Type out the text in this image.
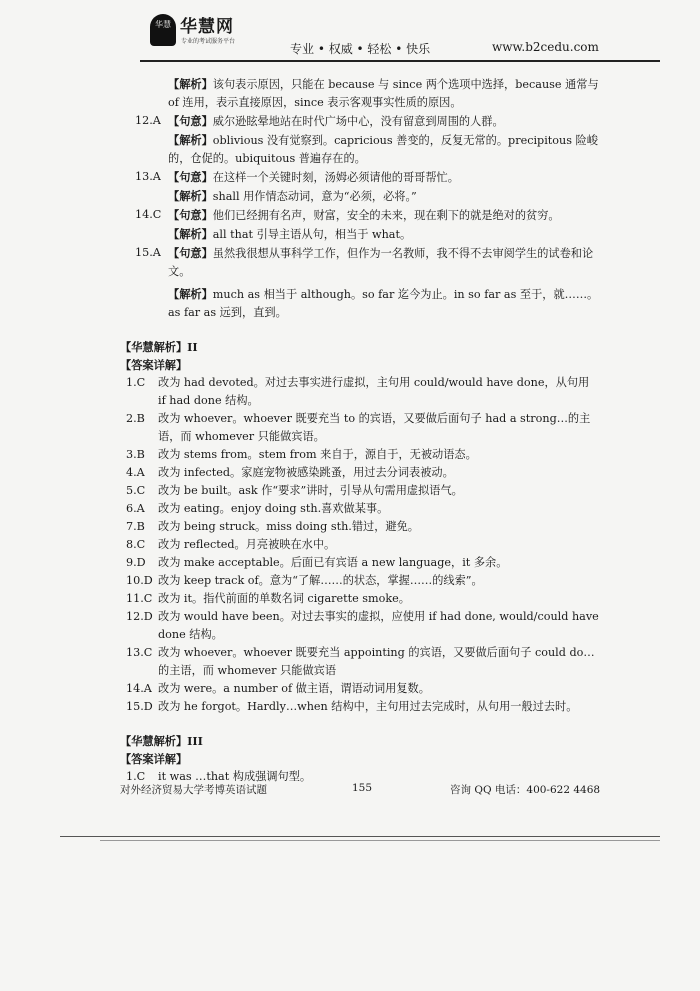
华慧 华慧网
专业的考试服务平台
专业 • 权威 • 轻松 • 快乐	www.b2cedu.com

【解析】该句表示原因，只能在 because 与 since 两个选项中选择，because 通常与 of 连用，表示直接原因，since 表示客观事实性质的原因。

12.A 【句意】威尔逊眩晕地站在时代广场中心，没有留意到周围的人群。

【解析】oblivious 没有觉察到。capricious 善变的，反复无常的。precipitous 险峻的，仓促的。ubiquitous 普遍存在的。

13.A 【句意】在这样一个关键时刻，汤姆必须请他的哥哥帮忙。

【解析】shall 用作情态动词，意为“必须，必将。”

14.C 【句意】他们已经拥有名声，财富，安全的未来，现在剩下的就是绝对的贫穷。

【解析】all that 引导主语从句，相当于 what。

15.A 【句意】虽然我很想从事科学工作，但作为一名教师，我不得不去审阅学生的试卷和论文。

【解析】much as 相当于 although。so far 迄今为止。in so far as 至于，就……。as far as 远到，直到。

【华慧解析】II

【答案详解】

1.C 改为 had devoted。对过去事实进行虚拟，主句用 could/would have done，从句用 if had done 结构。
2.B 改为 whoever。whoever 既要充当 to 的宾语，又要做后面句子 had a strong…的主语，而 whomever 只能做宾语。
3.B 改为 stems from。stem from 来自于，源自于，无被动语态。
4.A 改为 infected。家庭宠物被感染跳蚤，用过去分词表被动。
5.C 改为 be built。ask 作“要求”讲时，引导从句需用虚拟语气。
6.A 改为 eating。enjoy doing sth.喜欢做某事。
7.B 改为 being struck。miss doing sth.错过，避免。
8.C 改为 reflected。月亮被映在水中。
9.D 改为 make acceptable。后面已有宾语 a new language，it 多余。
10.D 改为 keep track of。意为“了解……的状态，掌握……的线索”。
11.C 改为 it。指代前面的单数名词 cigarette smoke。
12.D 改为 would have been。对过去事实的虚拟，应使用 if had done, would/could have done 结构。
13.C 改为 whoever。whoever 既要充当 appointing 的宾语，又要做后面句子 could do…的主语，而 whomever 只能做宾语
14.A 改为 were。a number of 做主语，谓语动词用复数。
15.D 改为 he forgot。Hardly…when 结构中，主句用过去完成时，从句用一般过去时。

【华慧解析】III

【答案详解】

1.C it was …that 构成强调句型。
对外经济贸易大学考博英语试题	155	咨询 QQ 电话：400-622 4468
